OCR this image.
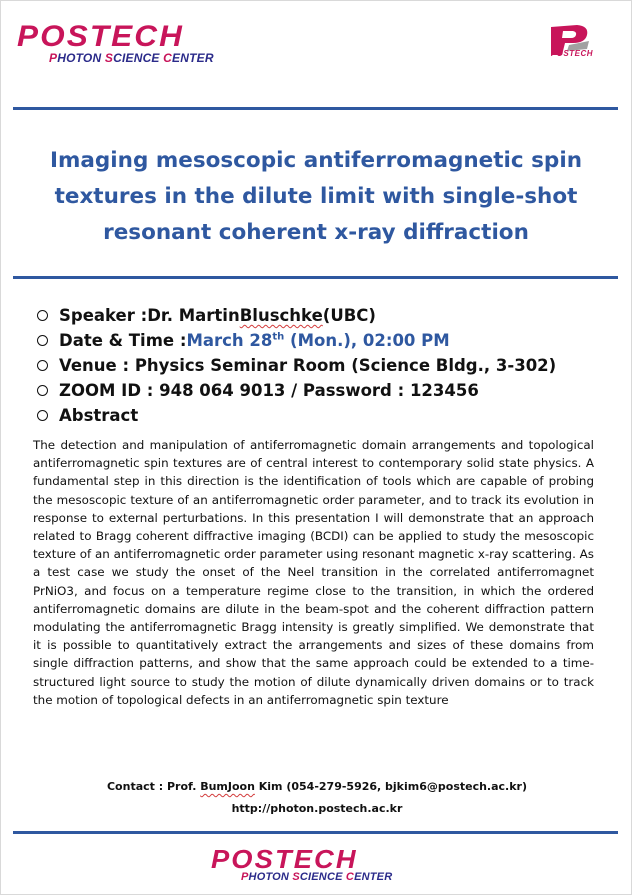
POSTECH
PHOTON SCIENCE CENTER	POSTECH
Imaging mesoscopic antiferromagnetic spin
textures in the dilute limit with single-shot
resonant coherent x-ray diffraction
Speaker : Dr. Martin Bluschke (UBC)
Date & Time : March 28th (Mon.), 02:00 PM
Venue : Physics Seminar Room (Science Bldg., 3-302)
ZOOM ID : 948 064 9013 / Password : 123456
Abstract
The detection and manipulation of antiferromagnetic domain arrangements and topological antiferromagnetic spin textures are of central interest to contemporary solid state physics. A fundamental step in this direction is the identification of tools which are capable of probing the mesoscopic texture of an antiferromagnetic order parameter, and to track its evolution in response to external perturbations. In this presentation I will demonstrate that an approach related to Bragg coherent diffractive imaging (BCDI) can be applied to study the mesoscopic texture of an antiferromagnetic order parameter using resonant magnetic x-ray scattering. As a test case we study the onset of the Neel transition in the correlated antiferromagnet PrNiO3, and focus on a temperature regime close to the transition, in which the ordered antiferromagnetic domains are dilute in the beam-spot and the coherent diffraction pattern modulating the antiferromagnetic Bragg intensity is greatly simplified. We demonstrate that it is possible to quantitatively extract the arrangements and sizes of these domains from single diffraction patterns, and show that the same approach could be extended to a time-structured light source to study the motion of dilute dynamically driven domains or to track the motion of topological defects in an antiferromagnetic spin texture
Contact : Prof. BumJoon Kim (054-279-5926, bjkim6@postech.ac.kr)
http://photon.postech.ac.kr
POSTECH
PHOTON SCIENCE CENTER
